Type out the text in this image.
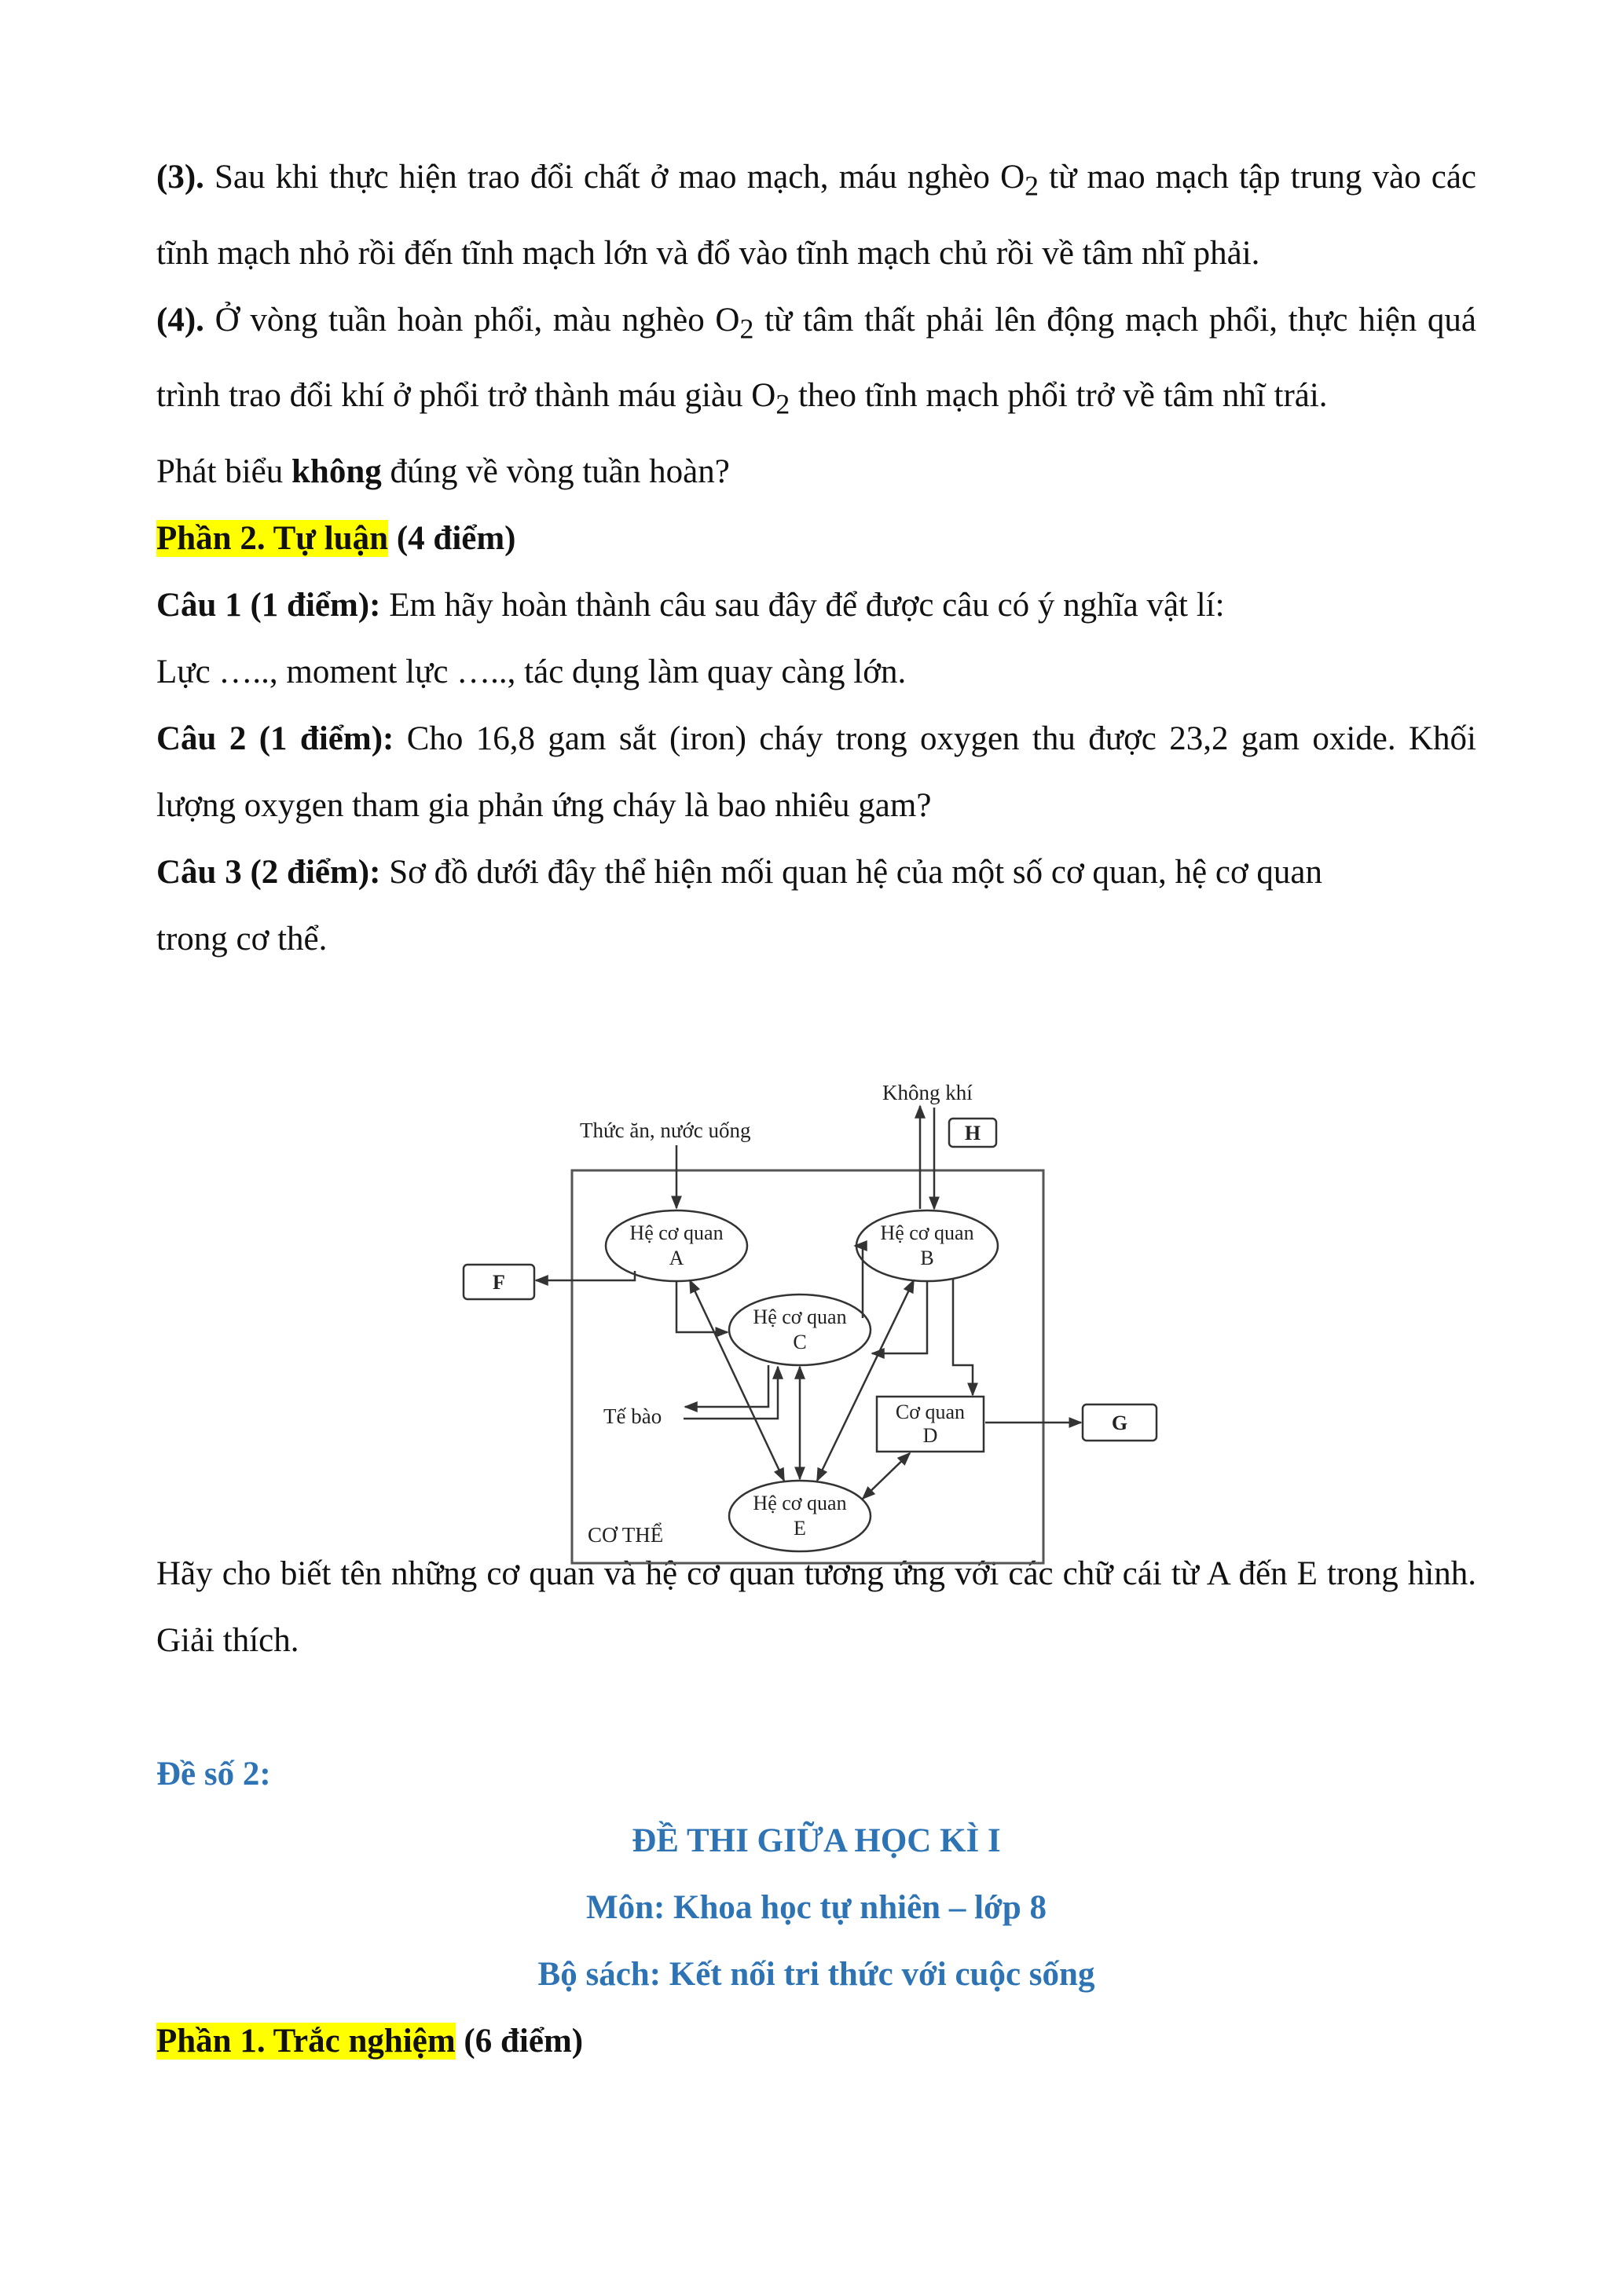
(3). Sau khi thực hiện trao đổi chất ở mao mạch, máu nghèo $O_2$ từ mao mạch tập trung vào các tĩnh mạch nhỏ rồi đến tĩnh mạch lớn và đổ vào tĩnh mạch chủ rồi về tâm nhĩ phải.

(4). Ở vòng tuần hoàn phổi, màu nghèo $O_2$ từ tâm thất phải lên động mạch phổi, thực hiện quá trình trao đổi khí ở phổi trở thành máu giàu $O_2$ theo tĩnh mạch phổi trở về tâm nhĩ trái.

Phát biểu không đúng về vòng tuần hoàn?

Phần 2. Tự luận (4 điểm)

Câu 1 (1 điểm): Em hãy hoàn thành câu sau đây để được câu có ý nghĩa vật lí:

Lực ….., moment lực ….., tác dụng làm quay càng lớn.

Câu 2 (1 điểm): Cho 16,8 gam sắt (iron) cháy trong oxygen thu được 23,2 gam oxide. Khối lượng oxygen tham gia phản ứng cháy là bao nhiêu gam?

Câu 3 (2 điểm): Sơ đồ dưới đây thể hiện mối quan hệ của một số cơ quan, hệ cơ quan trong cơ thể.

Hãy cho biết tên những cơ quan và hệ cơ quan tương ứng với các chữ cái từ A đến E trong hình. Giải thích.

Đề số 2:

ĐỀ THI GIỮA HỌC KÌ I

Môn: Khoa học tự nhiên – lớp 8

Bộ sách: Kết nối tri thức với cuộc sống

Phần 1. Trắc nghiệm (6 điểm)

CƠ THỂ
Thức ăn, nước uống
Không khí
H
F
G
Hệ cơ quan
A
Hệ cơ quan
B
Hệ cơ quan
C
Hệ cơ quan
E
Cơ quan
D
Tế bào
